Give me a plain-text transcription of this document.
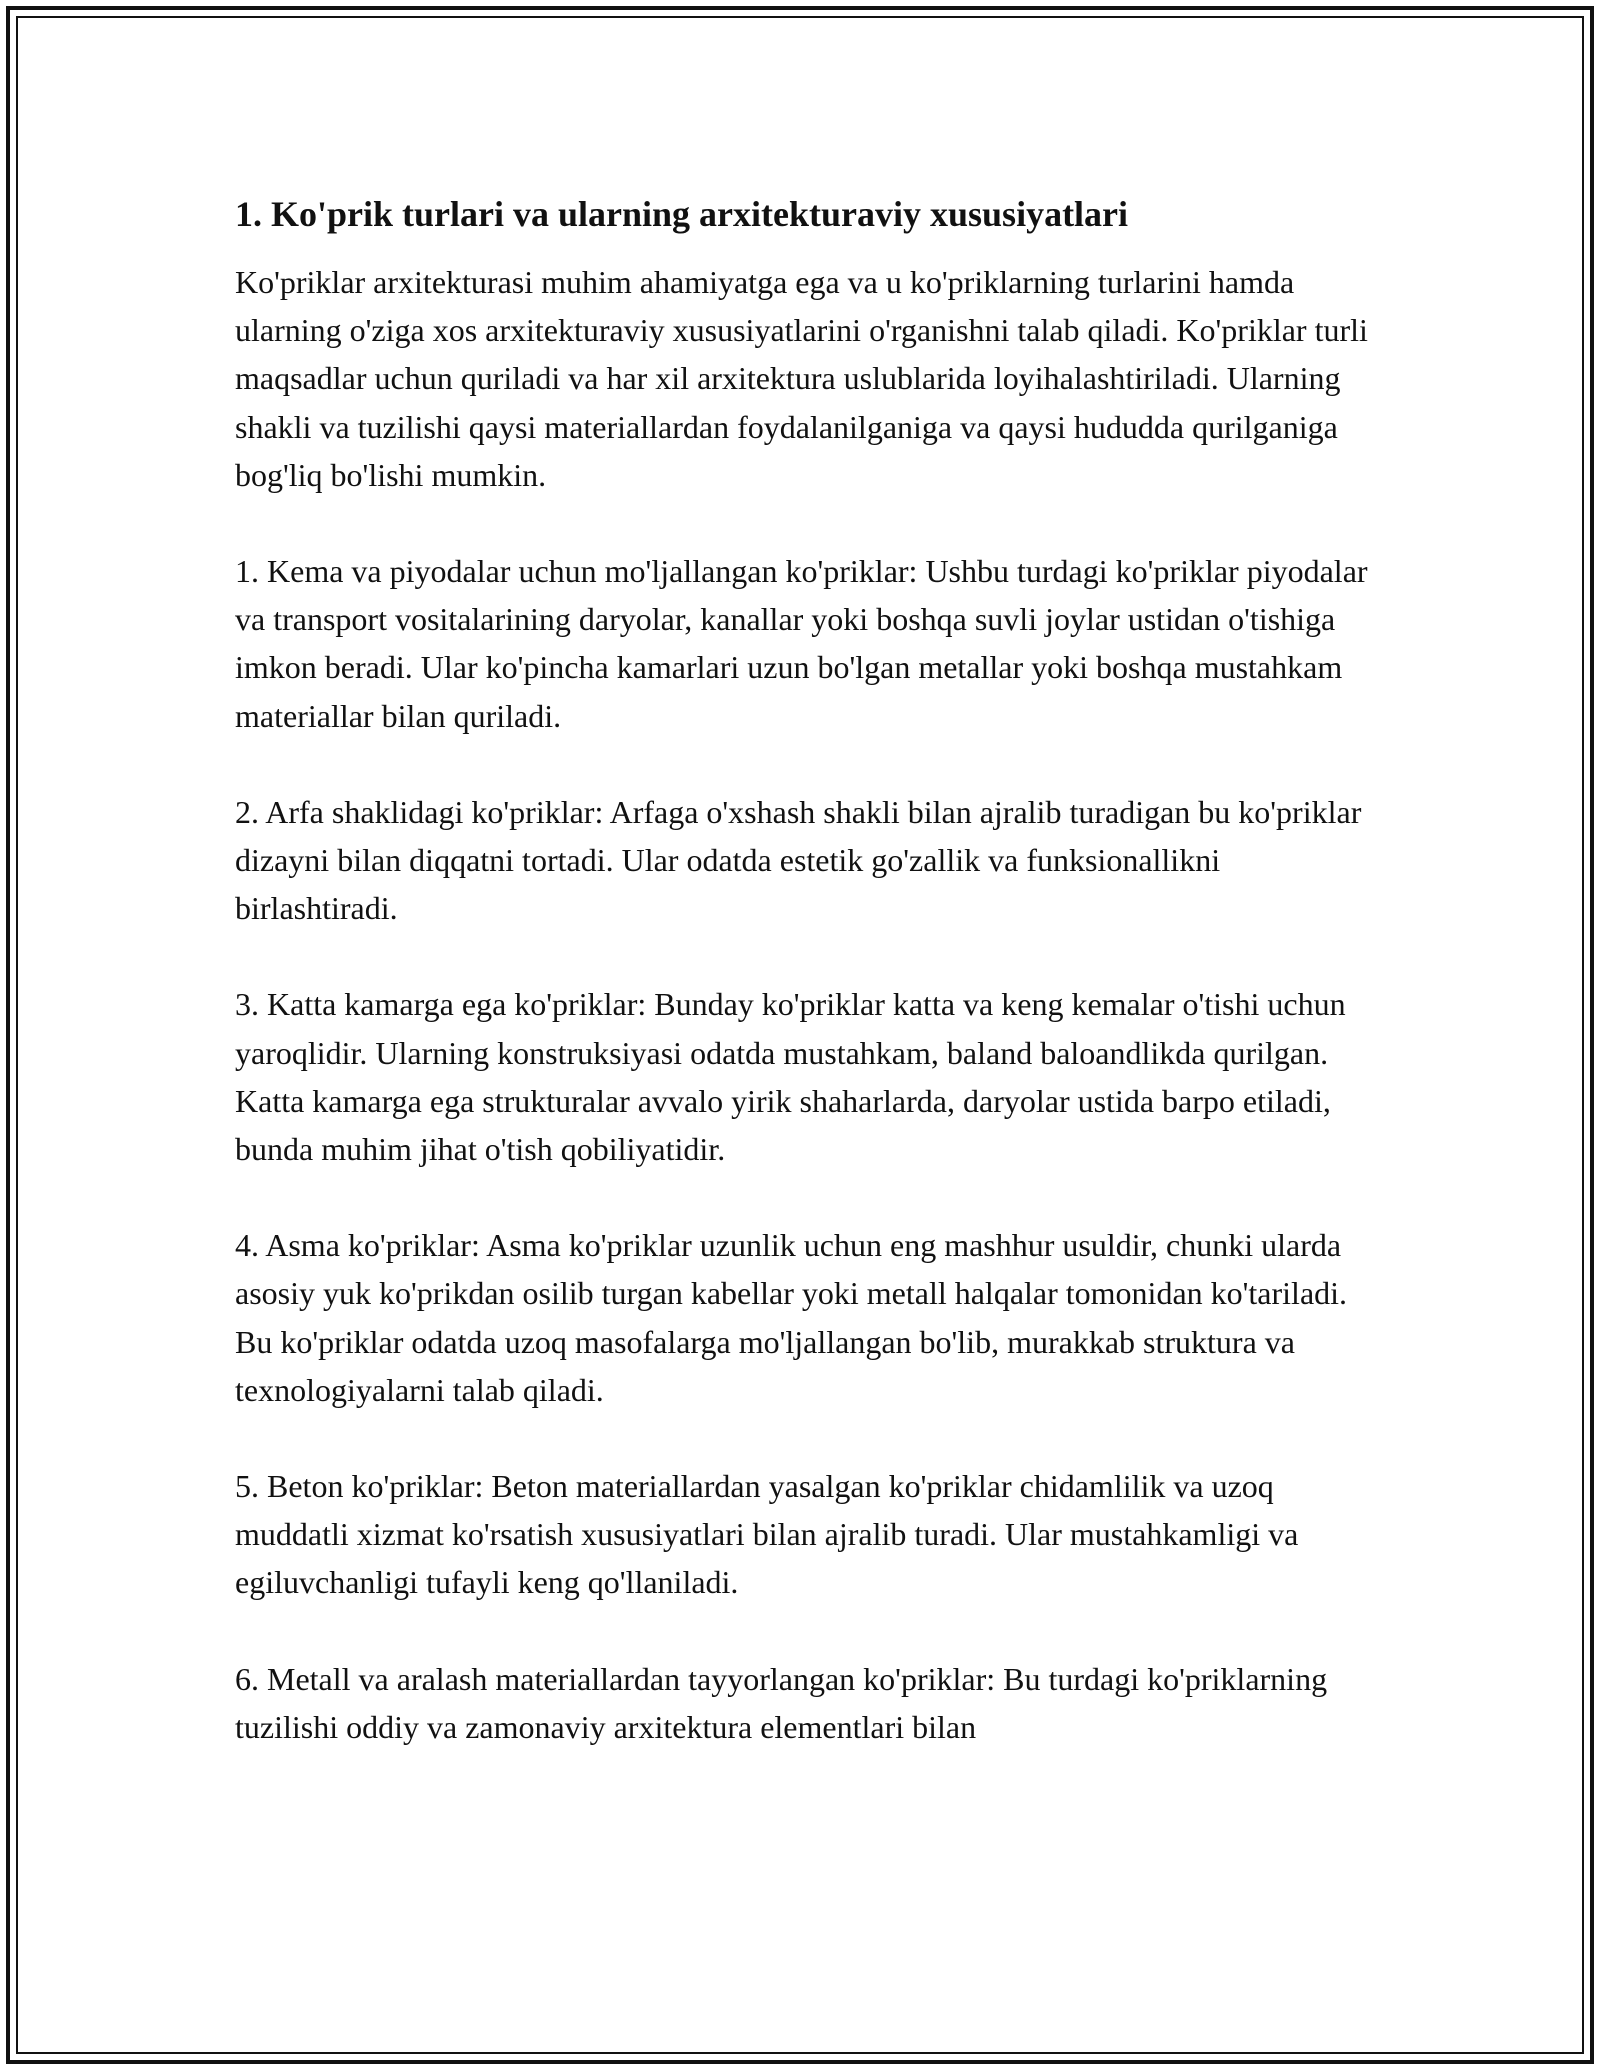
1. Ko'prik turlari va ularning arxitekturaviy xususiyatlari

Ko'priklar arxitekturasi muhim ahamiyatga ega va u ko'priklarning turlarini hamda ularning o'ziga xos arxitekturaviy xususiyatlarini o'rganishni talab qiladi. Ko'priklar turli maqsadlar uchun quriladi va har xil arxitektura uslublarida loyihalashtiriladi. Ularning shakli va tuzilishi qaysi materiallardan foydalanilganiga va qaysi hududda qurilganiga bog'liq bo'lishi mumkin.

1. Kema va piyodalar uchun mo'ljallangan ko'priklar: Ushbu turdagi ko'priklar piyodalar va transport vositalarining daryolar, kanallar yoki boshqa suvli joylar ustidan o'tishiga imkon beradi. Ular ko'pincha kamarlari uzun bo'lgan metallar yoki boshqa mustahkam materiallar bilan quriladi.

2. Arfa shaklidagi ko'priklar: Arfaga o'xshash shakli bilan ajralib turadigan bu ko'priklar dizayni bilan diqqatni tortadi. Ular odatda estetik go'zallik va funksionallikni birlashtiradi.

3. Katta kamarga ega ko'priklar: Bunday ko'priklar katta va keng kemalar o'tishi uchun yaroqlidir. Ularning konstruksiyasi odatda mustahkam, baland baloandlikda qurilgan. Katta kamarga ega strukturalar avvalo yirik shaharlarda, daryolar ustida barpo etiladi, bunda muhim jihat o'tish qobiliyatidir.

4. Asma ko'priklar: Asma ko'priklar uzunlik uchun eng mashhur usuldir, chunki ularda asosiy yuk ko'prikdan osilib turgan kabellar yoki metall halqalar tomonidan ko'tariladi. Bu ko'priklar odatda uzoq masofalarga mo'ljallangan bo'lib, murakkab struktura va texnologiyalarni talab qiladi.

5. Beton ko'priklar: Beton materiallardan yasalgan ko'priklar chidamlilik va uzoq muddatli xizmat ko'rsatish xususiyatlari bilan ajralib turadi. Ular mustahkamligi va egiluvchanligi tufayli keng qo'llaniladi.

6. Metall va aralash materiallardan tayyorlangan ko'priklar: Bu turdagi ko'priklarning tuzilishi oddiy va zamonaviy arxitektura elementlari bilan
